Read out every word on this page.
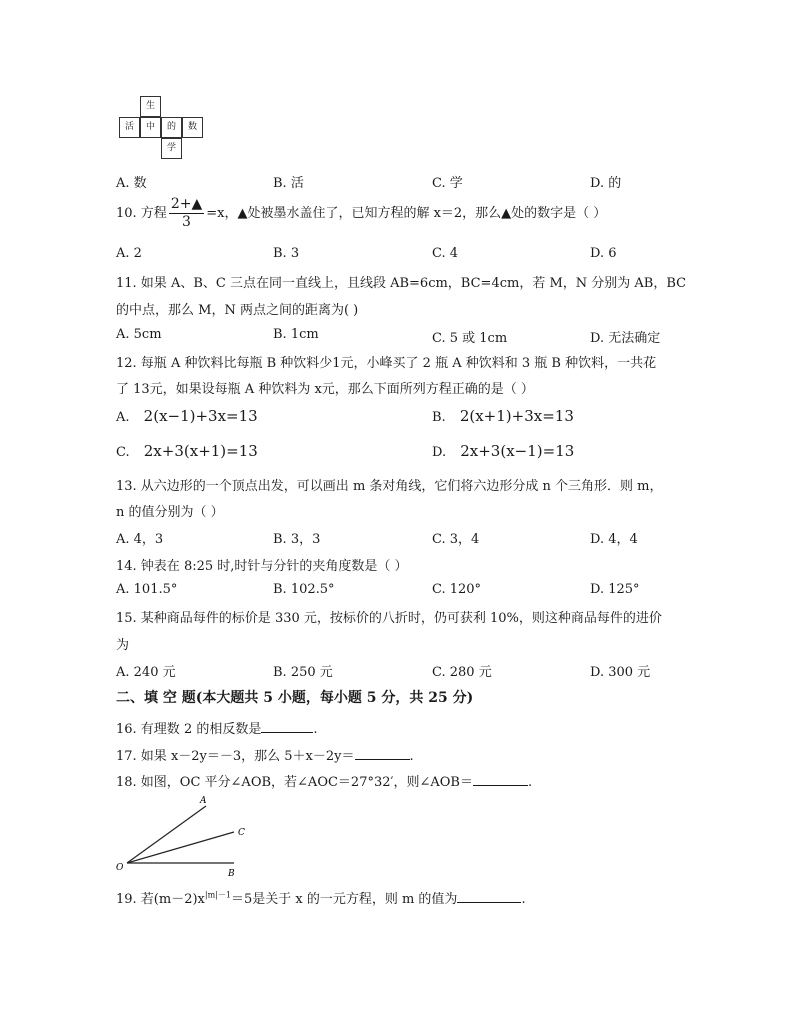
生
活	中	的	数
学
A. 数	B. 活	C. 学	D. 的
10. 方程 $\frac{2+▲}{3} =x$，▲处被墨水盖住了，已知方程的解 x＝2，那么▲处的数字是（ ）
A. 2	B. 3	C. 4	D. 6
11. 如果 A、B、C 三点在同一直线上，且线段 AB=6cm，BC=4cm，若 M，N 分别为 AB，BC
的中点，那么 M，N 两点之间的距离为( )
A. 5cm	B. 1cm	C. 5 或 1cm	D. 无法确定
12. 每瓶 A 种饮料比每瓶 B 种饮料少1元，小峰买了 2 瓶 A 种饮料和 3 瓶 B 种饮料，一共花
了 13元，如果设每瓶 A 种饮料为 x元，那么下面所列方程正确的是（ ）
A. 2(x−1)+3x=13	B. 2(x+1)+3x=13
C. 2x+3(x+1)=13	D. 2x+3(x−1)=13
13. 从六边形的一个顶点出发，可以画出 m 条对角线，它们将六边形分成 n 个三角形．则 m，
n 的值分别为（ ）
A. 4，3	B. 3，3	C. 3，4	D. 4，4
14. 钟表在 8:25 时,时针与分针的夹角度数是（ ）
A. 101.5°	B. 102.5°	C. 120°	D. 125°
15. 某种商品每件的标价是 330 元，按标价的八折时，仍可获利 10%，则这种商品每件的进价
为
A. 240 元	B. 250 元	C. 280 元	D. 300 元
二、填 空 题(本大题共 5 小题，每小题 5 分，共 25 分)
16. 有理数 2 的相反数是	.
17. 如果 x－2y＝－3，那么 5＋x－2y＝	.
18. 如图，OC 平分∠AOB，若∠AOC＝27°32′，则∠AOB＝	.
A
C
O
B
19. 若$(m-2)x^{|m|-1}=5$是关于 x 的一元方程，则 m 的值为	.
